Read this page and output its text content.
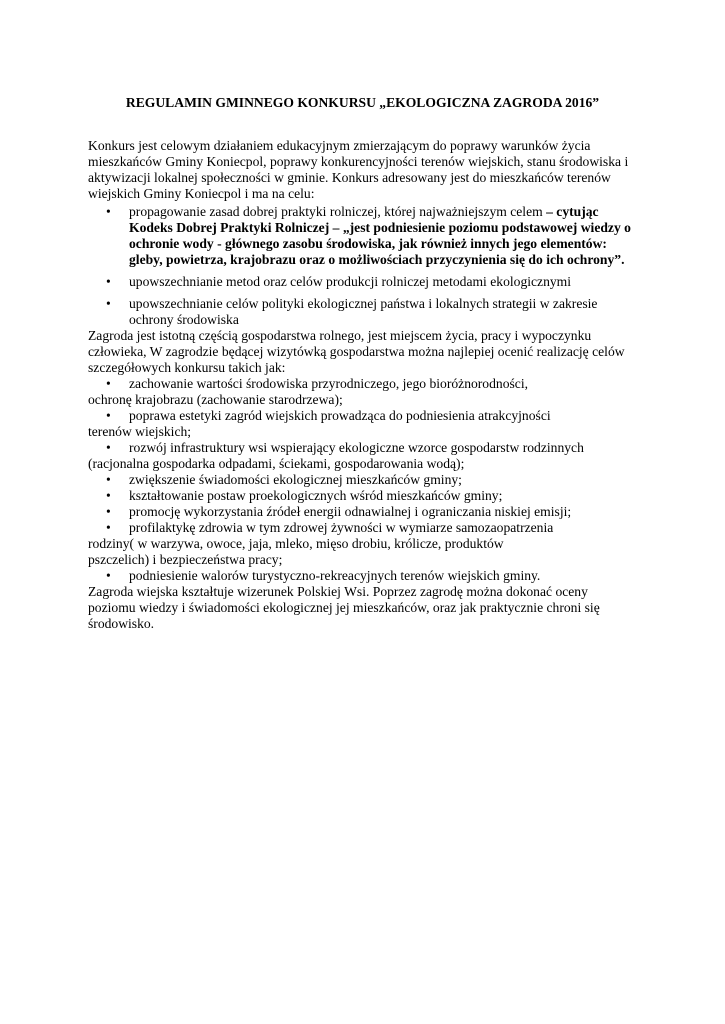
REGULAMIN GMINNEGO KONKURSU „EKOLOGICZNA ZAGRODA 2016”

Konkurs jest celowym działaniem edukacyjnym zmierzającym do poprawy warunków życia mieszkańców Gminy Koniecpol, poprawy konkurencyjności terenów wiejskich, stanu środowiska i aktywizacji lokalnej społeczności w gminie. Konkurs adresowany jest do mieszkańców terenów wiejskich Gminy Koniecpol i ma na celu:

• propagowanie zasad dobrej praktyki rolniczej, której najważniejszym celem – cytując Kodeks Dobrej Praktyki Rolniczej – „jest podniesienie poziomu podstawowej wiedzy o ochronie wody - głównego zasobu środowiska, jak również innych jego elementów: gleby, powietrza, krajobrazu oraz o możliwościach przyczynienia się do ich ochrony”.
• upowszechnianie metod oraz celów produkcji rolniczej metodami ekologicznymi
• upowszechnianie celów polityki ekologicznej państwa i lokalnych strategii w zakresie ochrony środowiska

Zagroda jest istotną częścią gospodarstwa rolnego, jest miejscem życia, pracy i wypoczynku człowieka, W zagrodzie będącej wizytówką gospodarstwa można najlepiej ocenić realizację celów szczegółowych konkursu takich jak:

• zachowanie wartości środowiska przyrodniczego, jego bioróżnorodności,

ochronę krajobrazu (zachowanie starodrzewa);

• poprawa estetyki zagród wiejskich prowadząca do podniesienia atrakcyjności

terenów wiejskich;

• rozwój infrastruktury wsi wspierający ekologiczne wzorce gospodarstw rodzinnych

(racjonalna gospodarka odpadami, ściekami, gospodarowania wodą);

• zwiększenie świadomości ekologicznej mieszkańców gminy;
• kształtowanie postaw proekologicznych wśród mieszkańców gminy;
• promocję wykorzystania źródeł energii odnawialnej i ograniczania niskiej emisji;
• profilaktykę zdrowia w tym zdrowej żywności w wymiarze samozaopatrzenia

rodziny( w warzywa, owoce, jaja, mleko, mięso drobiu, królicze, produktów

pszczelich) i bezpieczeństwa pracy;

• podniesienie walorów turystyczno-rekreacyjnych terenów wiejskich gminy.

Zagroda wiejska kształtuje wizerunek Polskiej Wsi. Poprzez zagrodę można dokonać oceny poziomu wiedzy i świadomości ekologicznej jej mieszkańców, oraz jak praktycznie chroni się środowisko.
